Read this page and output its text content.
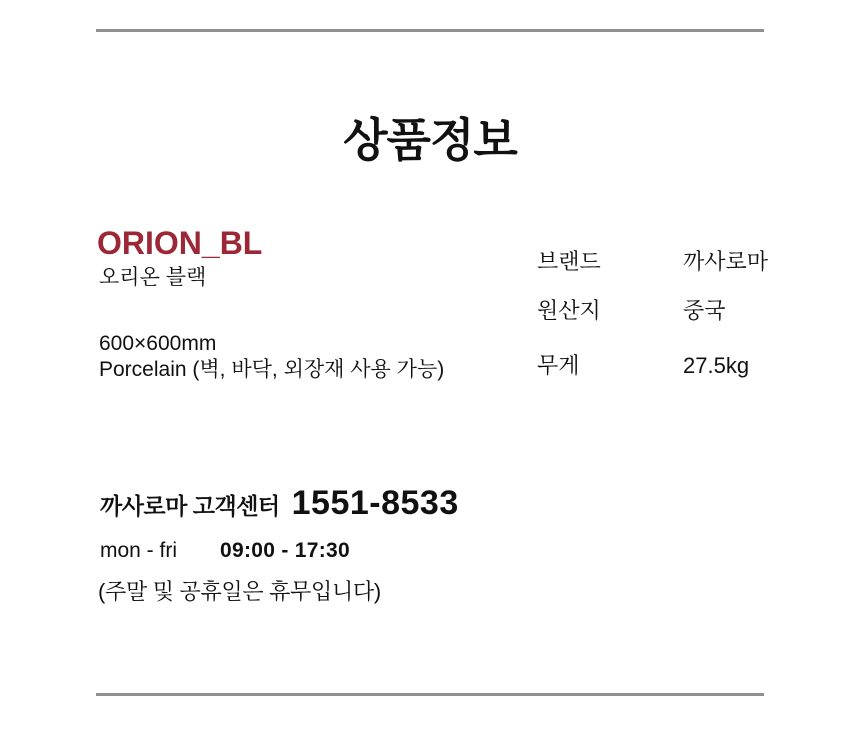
상품정보
ORION_BL
오리온 블랙
600×600mm
Porcelain (벽, 바닥, 외장재 사용 가능)
브랜드	까사로마
원산지	중국
무게	27.5kg
까사로마 고객센터 1551-8533
mon - fri	09:00 - 17:30
(주말 및 공휴일은 휴무입니다)
